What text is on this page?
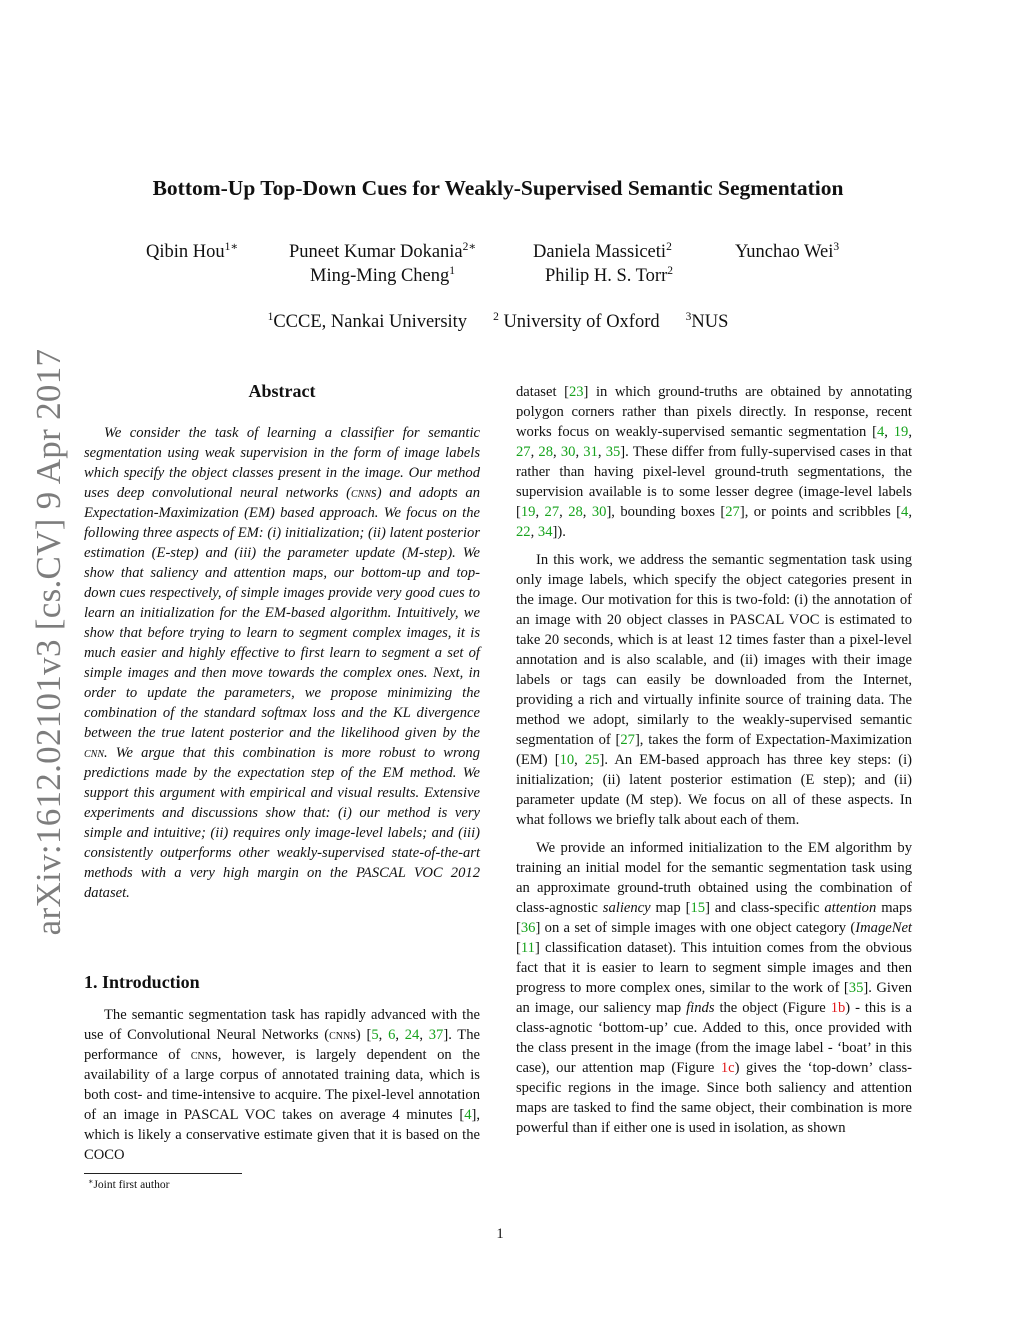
arXiv:1612.02101v3 [cs.CV] 9 Apr 2017
Bottom-Up Top-Down Cues for Weakly-Supervised Semantic Segmentation
Qibin Hou$^{1∗}$	Puneet Kumar Dokania$^{2∗}$	Daniela Massiceti$^2$	Yunchao Wei$^3$
Ming-Ming Cheng$^1$	Philip H. S. Torr$^2$
$^1$CCCE, Nankai University $^2$ University of Oxford $^3$NUS
Abstract

We consider the task of learning a classifier for semantic segmentation using weak supervision in the form of image labels which specify the object classes present in the image. Our method uses deep convolutional neural networks (cnns) and adopts an Expectation-Maximization (EM) based approach. We focus on the following three aspects of EM: (i) initialization; (ii) latent posterior estimation (E-step) and (iii) the parameter update (M-step). We show that saliency and attention maps, our bottom-up and top-down cues respectively, of simple images provide very good cues to learn an initialization for the EM-based algorithm. Intuitively, we show that before trying to learn to segment complex images, it is much easier and highly effective to first learn to segment a set of simple images and then move towards the complex ones. Next, in order to update the parameters, we propose minimizing the combination of the standard softmax loss and the KL divergence between the true latent posterior and the likelihood given by the cnn. We argue that this combination is more robust to wrong predictions made by the expectation step of the EM method. We support this argument with empirical and visual results. Extensive experiments and discussions show that: (i) our method is very simple and intuitive; (ii) requires only image-level labels; and (iii) consistently outperforms other weakly-supervised state-of-the-art methods with a very high margin on the PASCAL VOC 2012 dataset.

1. Introduction

The semantic segmentation task has rapidly advanced with the use of Convolutional Neural Networks (cnns) [5, 6, 24, 37]. The performance of cnns, however, is largely dependent on the availability of a large corpus of annotated training data, which is both cost- and time-intensive to acquire. The pixel-level annotation of an image in PASCAL VOC takes on average 4 minutes [4], which is likely a conservative estimate given that it is based on the COCO

∗Joint first author

dataset [23] in which ground-truths are obtained by annotating polygon corners rather than pixels directly. In response, recent works focus on weakly-supervised semantic segmentation [4, 19, 27, 28, 30, 31, 35]. These differ from fully-supervised cases in that rather than having pixel-level ground-truth segmentations, the supervision available is to some lesser degree (image-level labels [19, 27, 28, 30], bounding boxes [27], or points and scribbles [4, 22, 34]).

In this work, we address the semantic segmentation task using only image labels, which specify the object categories present in the image. Our motivation for this is two-fold: (i) the annotation of an image with 20 object classes in PASCAL VOC is estimated to take 20 seconds, which is at least 12 times faster than a pixel-level annotation and is also scalable, and (ii) images with their image labels or tags can easily be downloaded from the Internet, providing a rich and virtually infinite source of training data. The method we adopt, similarly to the weakly-supervised semantic segmentation of [27], takes the form of Expectation-Maximization (EM) [10, 25]. An EM-based approach has three key steps: (i) initialization; (ii) latent posterior estimation (E step); and (ii) parameter update (M step). We focus on all of these aspects. In what follows we briefly talk about each of them.

We provide an informed initialization to the EM algorithm by training an initial model for the semantic segmentation task using an approximate ground-truth obtained using the combination of class-agnostic saliency map [15] and class-specific attention maps [36] on a set of simple images with one object category (ImageNet [11] classification dataset). This intuition comes from the obvious fact that it is easier to learn to segment simple images and then progress to more complex ones, similar to the work of [35]. Given an image, our saliency map finds the object (Figure 1b) - this is a class-agnotic ‘bottom-up’ cue. Added to this, once provided with the class present in the image (from the image label - ‘boat’ in this case), our attention map (Figure 1c) gives the ‘top-down’ class-specific regions in the image. Since both saliency and attention maps are tasked to find the same object, their combination is more powerful than if either one is used in isolation, as shown

1
